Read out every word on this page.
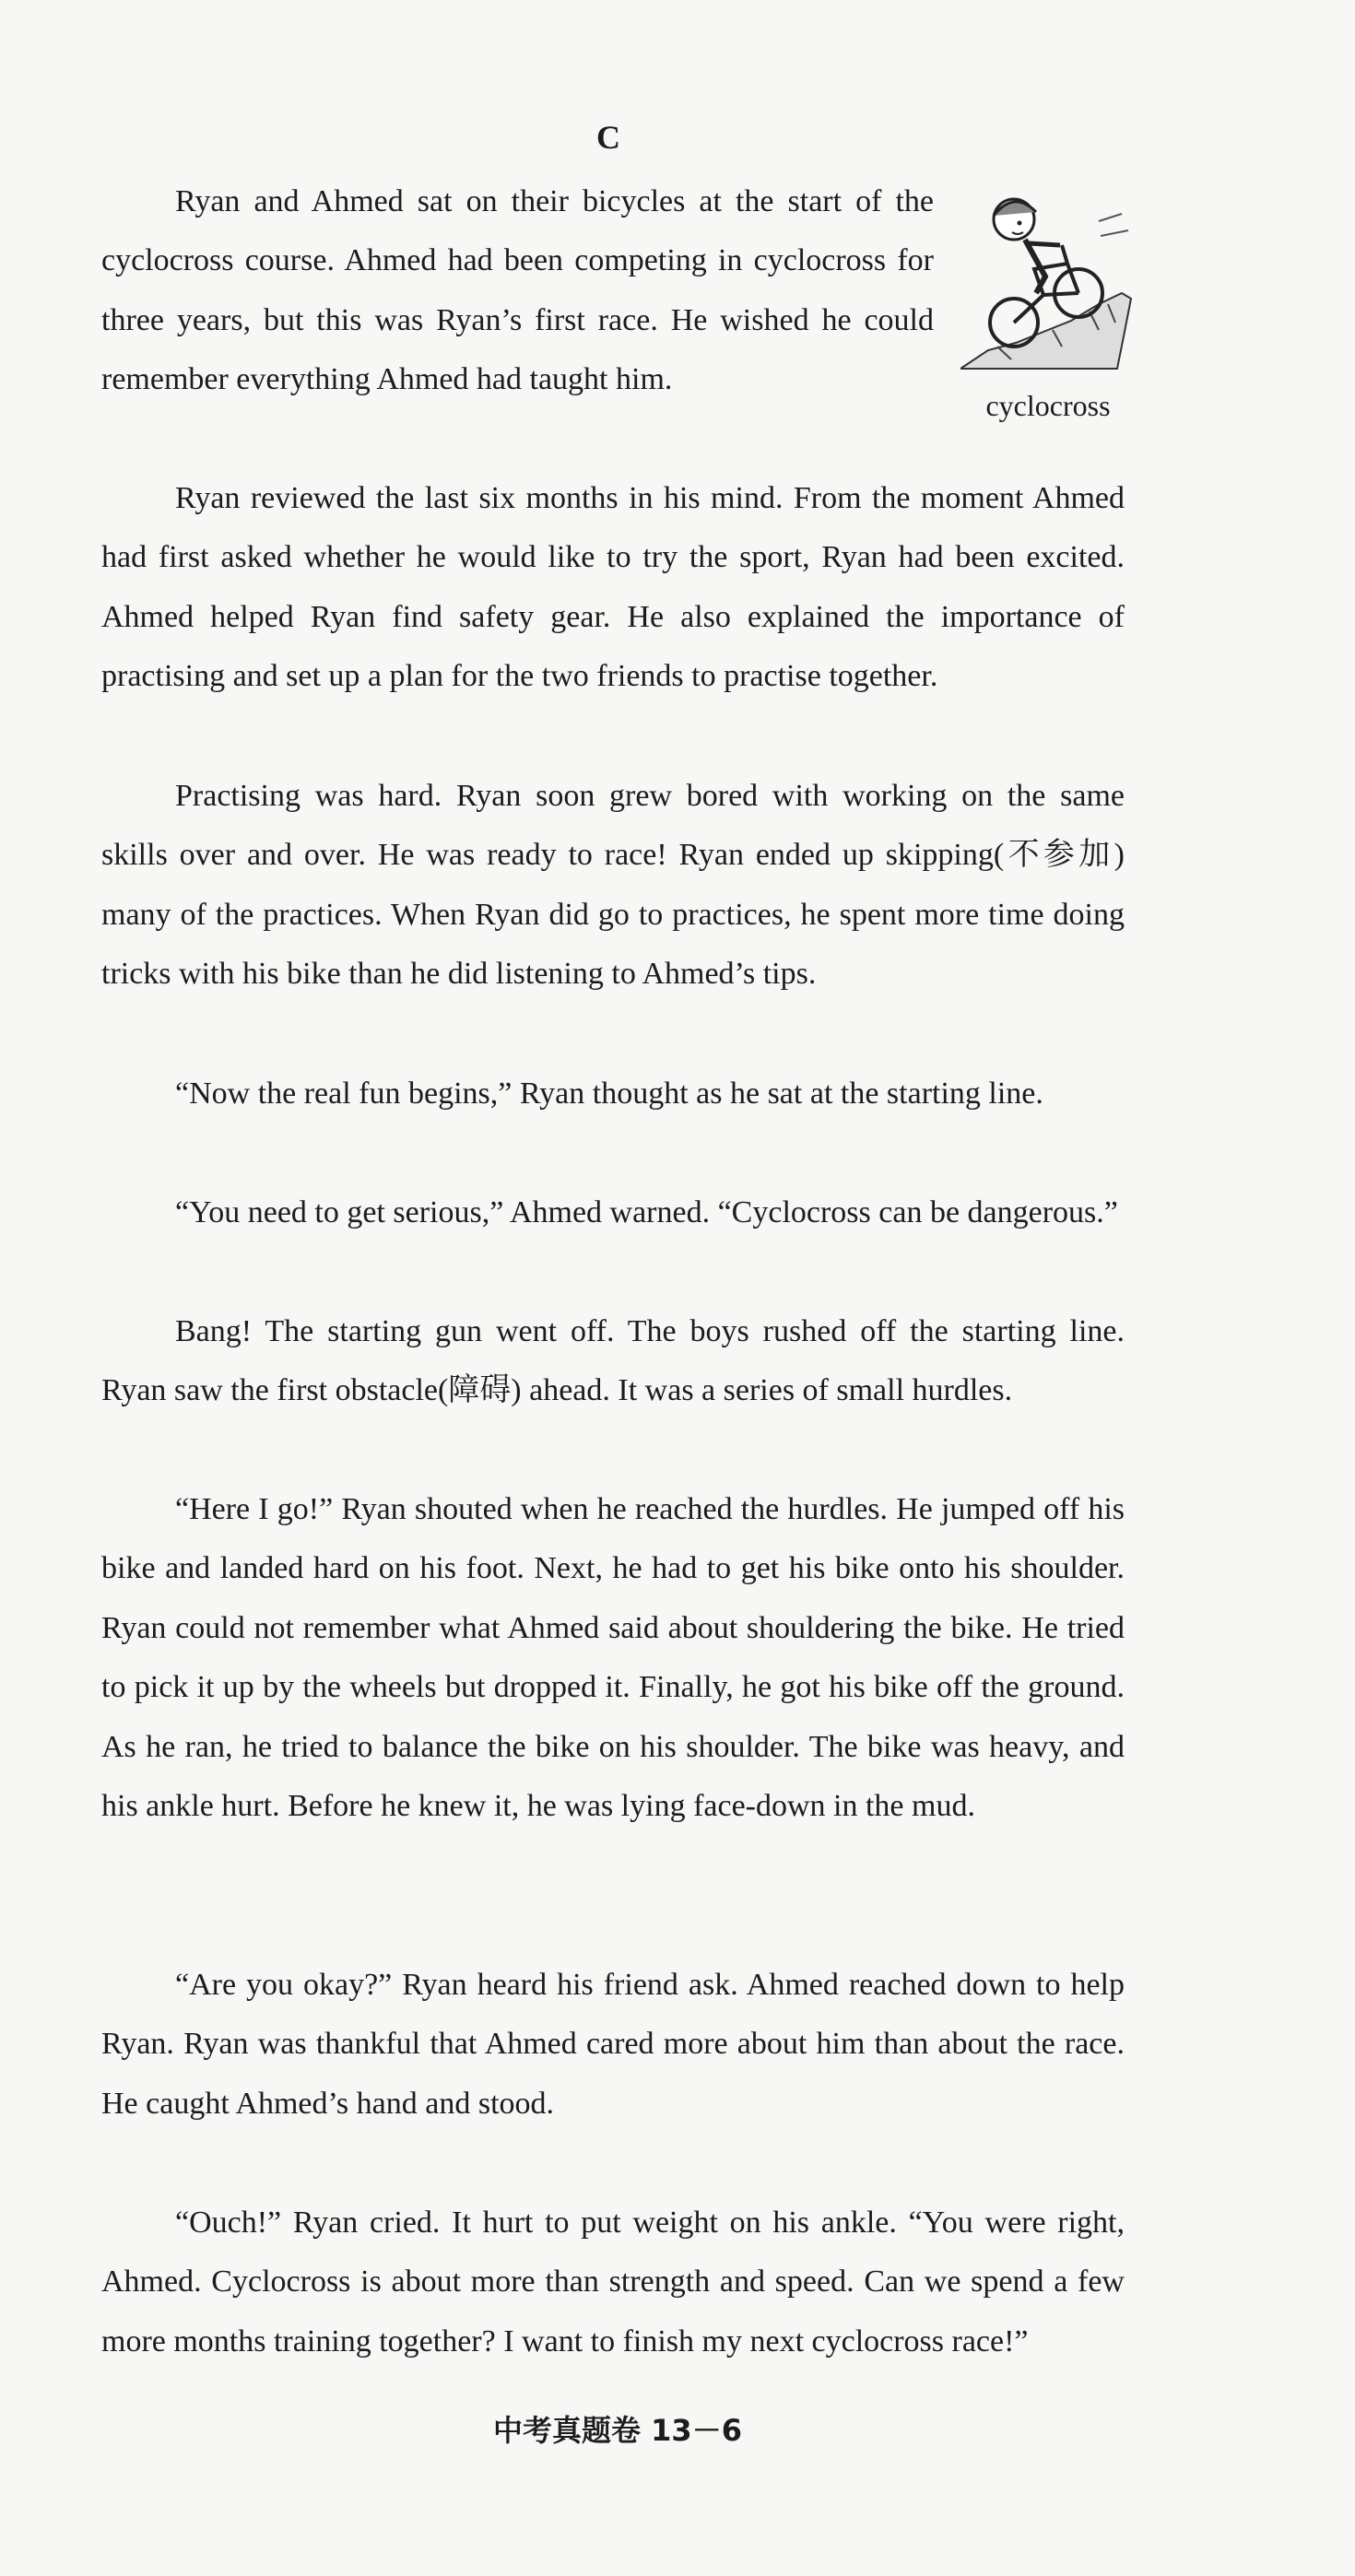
C

Ryan and Ahmed sat on their bicycles at the start of the cyclocross course. Ahmed had been competing in cyclocross for three years, but this was Ryan’s first race. He wished he could remember everything Ahmed had taught him.

cyclocross

Ryan reviewed the last six months in his mind. From the moment Ahmed had first asked whether he would like to try the sport, Ryan had been excited. Ahmed helped Ryan find safety gear. He also explained the importance of practising and set up a plan for the two friends to practise together.

Practising was hard. Ryan soon grew bored with working on the same skills over and over. He was ready to race! Ryan ended up skipping(不参加) many of the practices. When Ryan did go to practices, he spent more time doing tricks with his bike than he did listening to Ahmed’s tips.

“Now the real fun begins,” Ryan thought as he sat at the starting line.

“You need to get serious,” Ahmed warned. “Cyclocross can be dangerous.”

Bang! The starting gun went off. The boys rushed off the starting line. Ryan saw the first obstacle(障碍) ahead. It was a series of small hurdles.

“Here I go!” Ryan shouted when he reached the hurdles. He jumped off his bike and landed hard on his foot. Next, he had to get his bike onto his shoulder. Ryan could not remember what Ahmed said about shouldering the bike. He tried to pick it up by the wheels but dropped it. Finally, he got his bike off the ground. As he ran, he tried to balance the bike on his shoulder. The bike was heavy, and his ankle hurt. Before he knew it, he was lying face-down in the mud.

“Are you okay?” Ryan heard his friend ask. Ahmed reached down to help Ryan. Ryan was thankful that Ahmed cared more about him than about the race. He caught Ahmed’s hand and stood.

“Ouch!” Ryan cried. It hurt to put weight on his ankle. “You were right, Ahmed. Cyclocross is about more than strength and speed. Can we spend a few more months training together? I want to finish my next cyclocross race!”

中考真题卷 13－6
